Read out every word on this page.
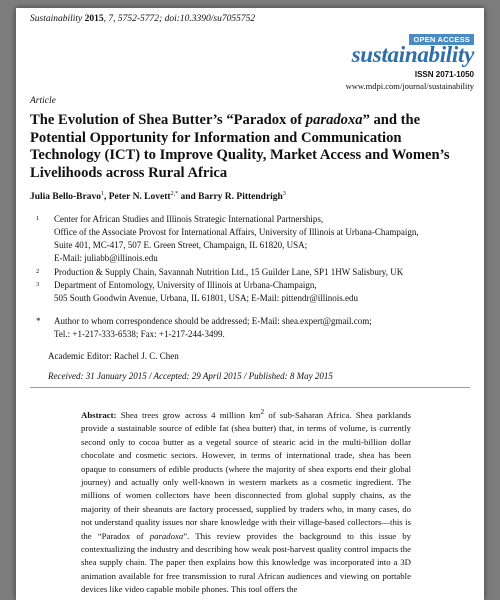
Sustainability 2015, 7, 5752-5772; doi:10.3390/su7055752
OPEN ACCESS
sustainability
ISSN 2071-1050
www.mdpi.com/journal/sustainability
Article
The Evolution of Shea Butter’s “Paradox of paradoxa” and the Potential Opportunity for Information and Communication Technology (ICT) to Improve Quality, Market Access and Women’s Livelihoods across Rural Africa
Julia Bello-Bravo$^1$, Peter N. Lovett$^{2,*}$ and Barry R. Pittendrigh$^3$
1 Center for African Studies and Illinois Strategic International Partnerships,
Office of the Associate Provost for International Affairs, University of Illinois at Urbana-Champaign,
Suite 401, MC-417, 507 E. Green Street, Champaign, IL 61820, USA;
E-Mail: juliabb@illinois.edu
2 Production & Supply Chain, Savannah Nutrition Ltd., 15 Guilder Lane, SP1 1HW Salisbury, UK
3 Department of Entomology, University of Illinois at Urbana-Champaign,
505 South Goodwin Avenue, Urbana, IL 61801, USA; E-Mail: pittendr@illinois.edu
* Author to whom correspondence should be addressed; E-Mail: shea.expert@gmail.com;
Tel.: +1-217-333-6538; Fax: +1-217-244-3499.
Academic Editor: Rachel J. C. Chen
Received: 31 January 2015 / Accepted: 29 April 2015 / Published: 8 May 2015
Abstract: Shea trees grow across 4 million $km^2$ of sub-Saharan Africa. Shea parklands provide a sustainable source of edible fat (shea butter) that, in terms of volume, is currently second only to cocoa butter as a vegetal source of stearic acid in the multi-billion dollar chocolate and cosmetic sectors. However, in terms of international trade, shea has been opaque to consumers of edible products (where the majority of shea exports end their global journey) and actually only well-known in western markets as a cosmetic ingredient. The millions of women collectors have been disconnected from global supply chains, as the majority of their sheanuts are factory processed, supplied by traders who, in many cases, do not understand quality issues nor share knowledge with their village-based collectors—this is the “Paradox of paradoxa”. This review provides the background to this issue by contextualizing the industry and describing how weak post-harvest quality control impacts the shea supply chain. The paper then explains how this knowledge was incorporated into a 3D animation available for free transmission to rural African audiences and viewing on portable devices like video capable mobile phones. This tool offers the
